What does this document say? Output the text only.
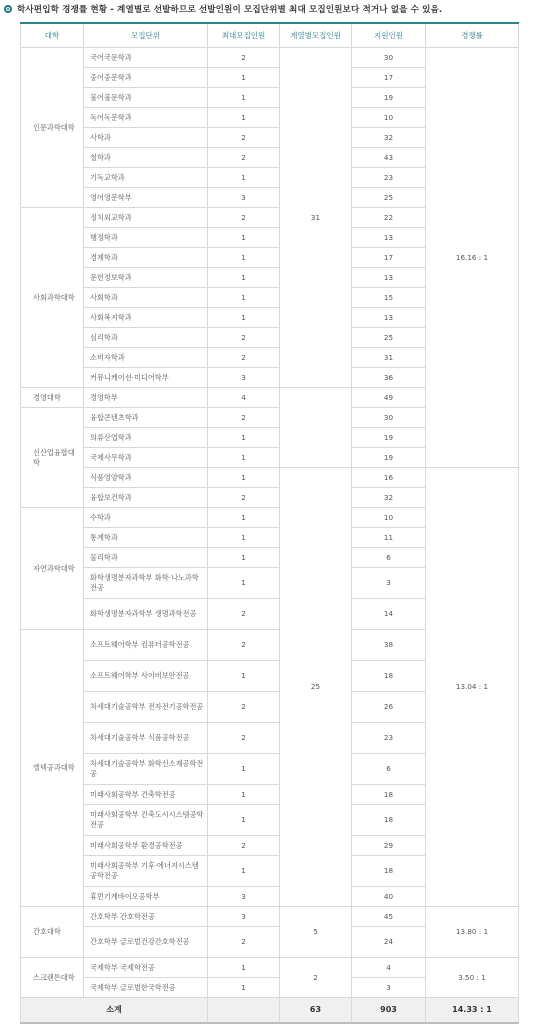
학사편입학 경쟁률 현황 - 계열별로 선발하므로 선발인원이 모집단위별 최대 모집인원보다 적거나 없을 수 있음.
대학	모집단위	최대모집인원	계열별모집인원	지원인원	경쟁률
인문과학대학	국어국문학과	2	31	30	16.16 : 1
	중어중문학과	1		17	
	불어불문학과	1		19	
	독어독문학과	1		10	
	사학과	2		32	
	철학과	2		43	
	기독교학과	1		23	
	영어영문학부	3		25	
사회과학대학	정치외교학과	2		22	
	행정학과	1		13	
	경제학과	1		17	
	문헌정보학과	1		13	
	사회학과	1		15	
	사회복지학과	1		13	
	심리학과	2		25	
	소비자학과	2		31	
	커뮤니케이션·미디어학부	3		36	
경영대학	경영학부	4		49	
신산업융합대학	융합콘텐츠학과	2		30	
	의류산업학과	1		19	
	국제사무학과	1		19	
	식품영양학과	1	25	16	13.04 : 1
	융합보건학과	2		32	
자연과학대학	수학과	1		10	
	통계학과	1		11	
	물리학과	1		6	
	화학생명분자과학부 화학·나노과학전공	1		3	
	화학생명분자과학부 생명과학전공	2		14	
엘텍공과대학	소프트웨어학부 컴퓨터공학전공	2		38	
	소프트웨어학부 사이버보안전공	1		18	
	차세대기술공학부 전자전기공학전공	2		26	
	차세대기술공학부 식품공학전공	2		23	
	차세대기술공학부 화학신소재공학전공	1		6	
	미래사회공학부 건축학전공	1		18	
	미래사회공학부 건축도시시스템공학전공	1		18	
	미래사회공학부 환경공학전공	2		29	
	미래사회공학부 기후·에너지시스템공학전공	1		18	
	휴먼기계바이오공학부	3		40	
간호대학	간호학부 간호학전공	3	5	45	13.80 : 1
	간호학부 글로벌건강간호학전공	2		24	
스크랜튼대학	국제학부 국제학전공	1	2	4	3.50 : 1
	국제학부 글로벌한국학전공	1		3	
소계			63	903	14.33 : 1
